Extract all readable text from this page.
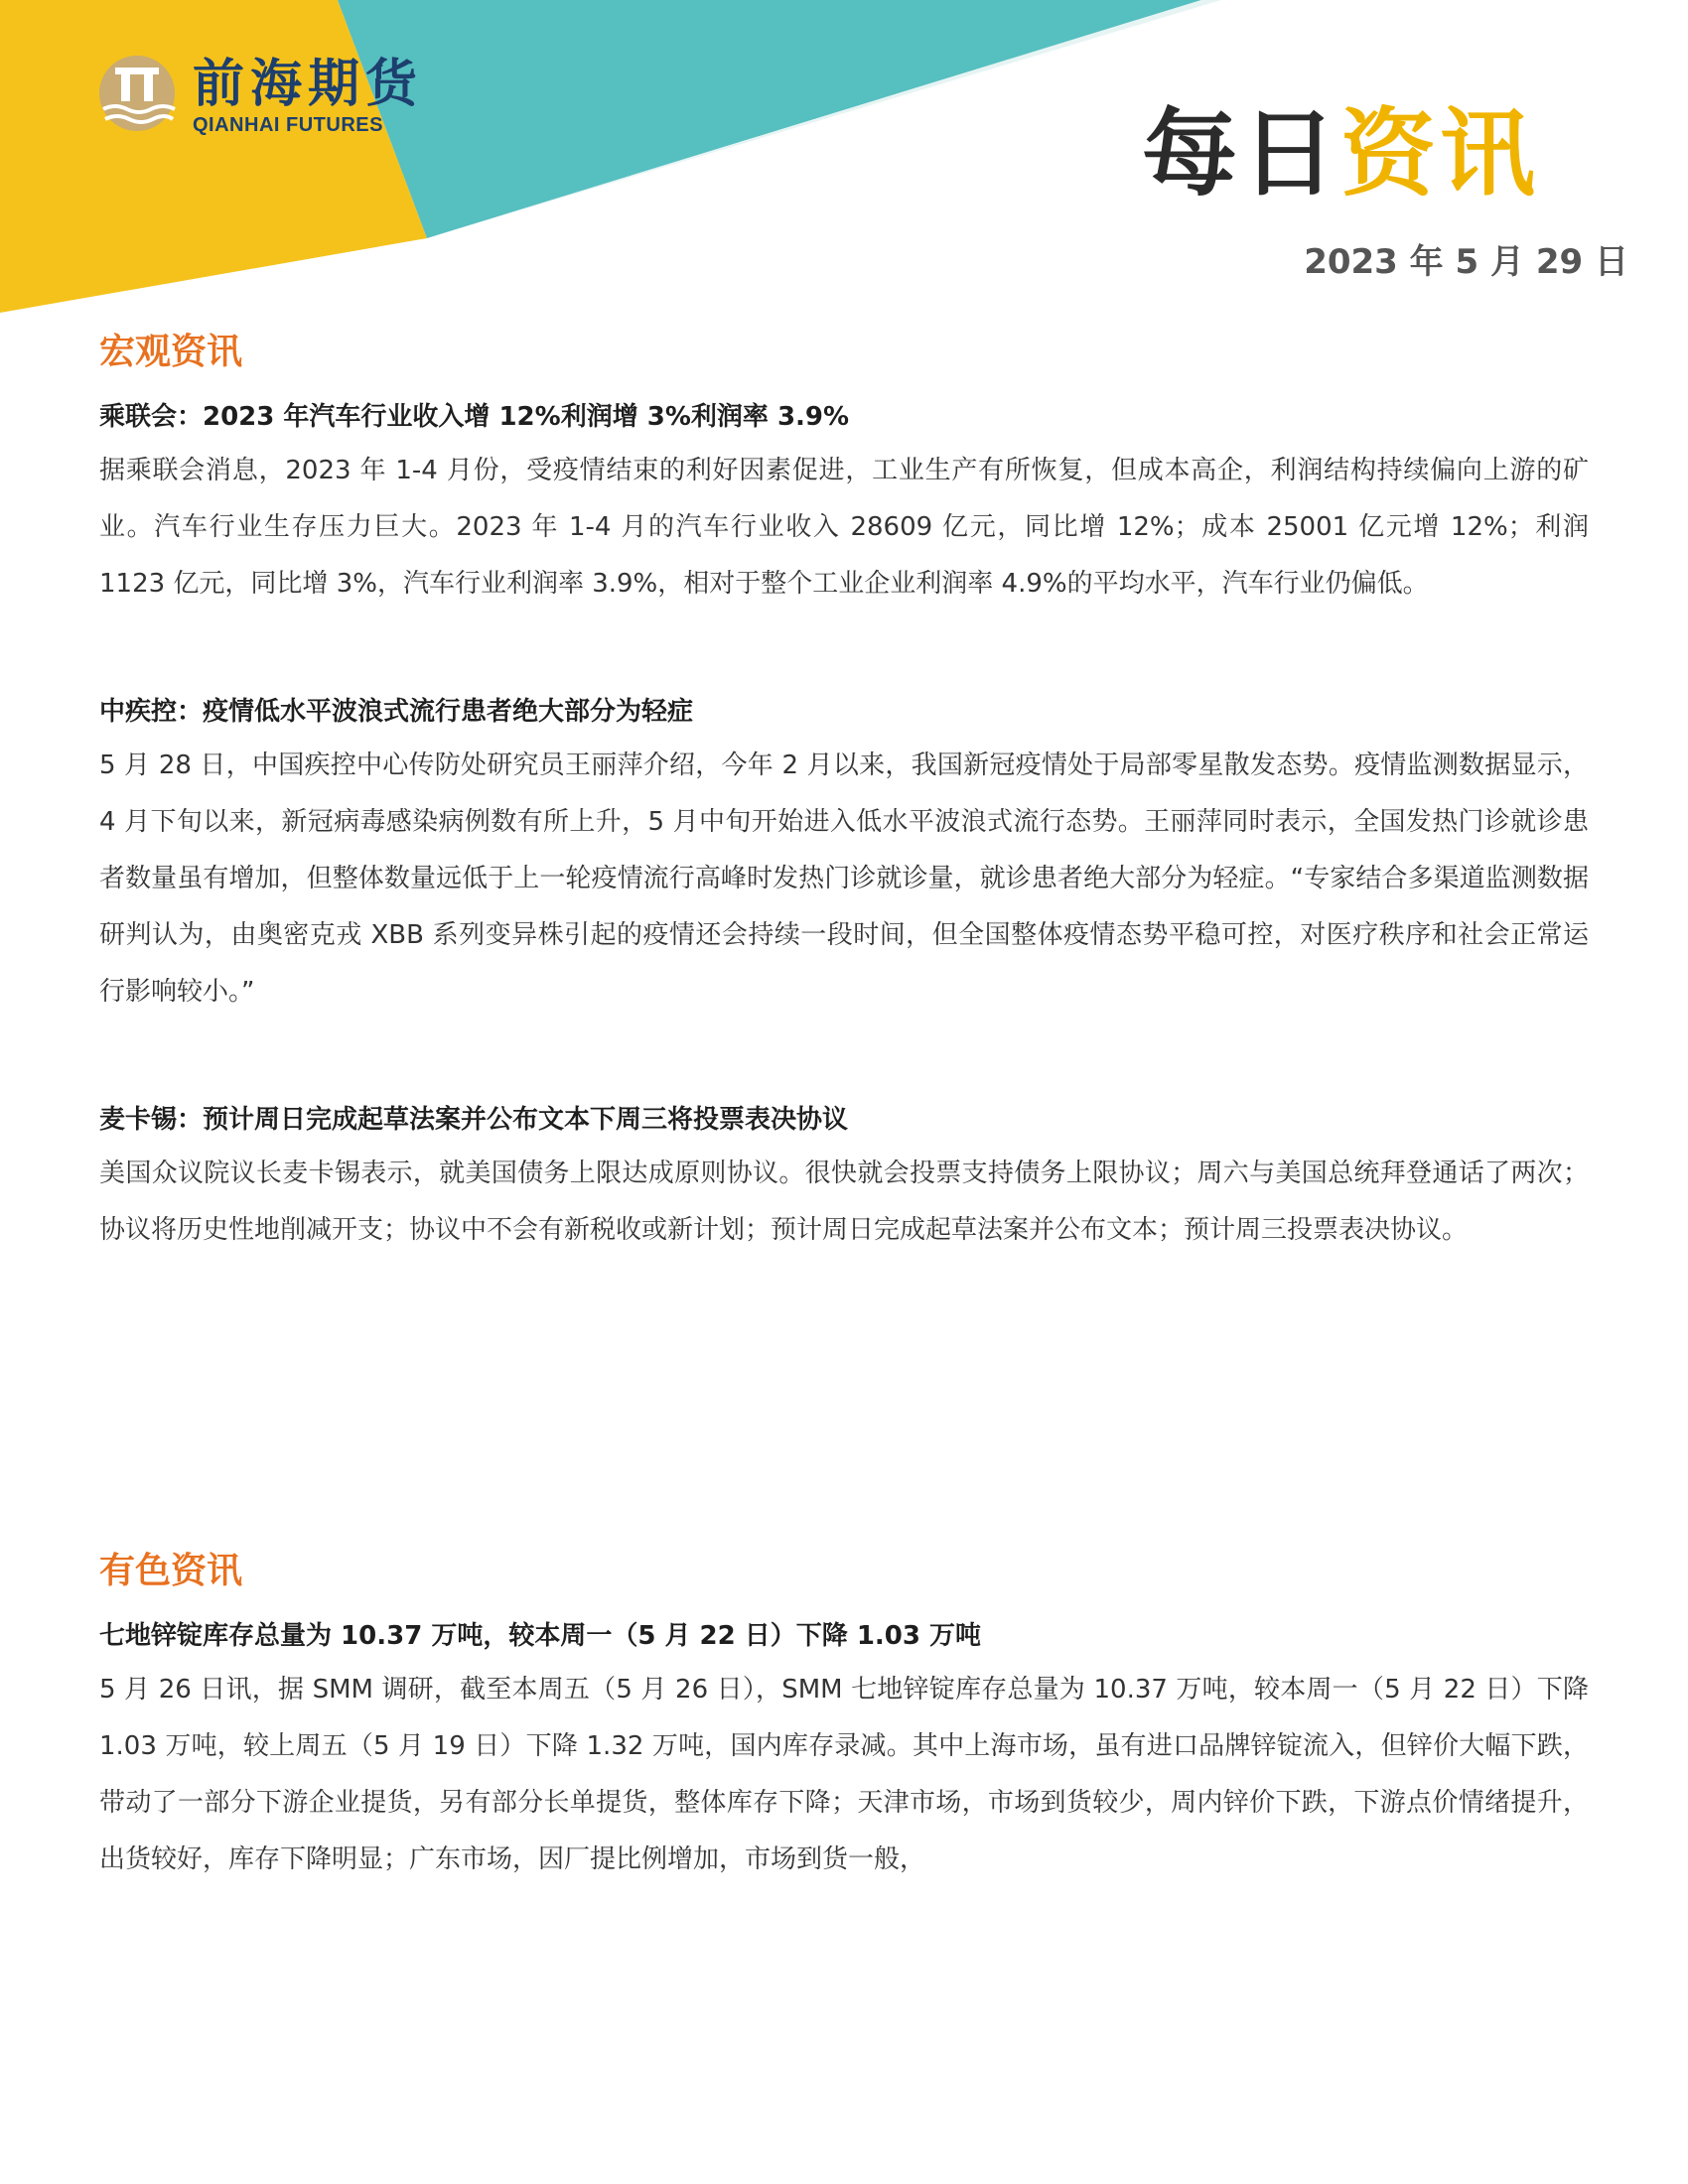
前海期货
QIANHAI FUTURES	每日资讯
2023 年 5 月 29 日
宏观资讯
乘联会：2023 年汽车行业收入增 12%利润增 3%利润率 3.9%
据乘联会消息，2023 年 1-4 月份，受疫情结束的利好因素促进，工业生产有所恢复，但成本高企，利润结构持续偏向上游的矿业。汽车行业生存压力巨大。2023 年 1-4 月的汽车行业收入 28609 亿元，同比增 12%；成本 25001 亿元增 12%；利润 1123 亿元，同比增 3%，汽车行业利润率 3.9%，相对于整个工业企业利润率 4.9%的平均水平，汽车行业仍偏低。
中疾控：疫情低水平波浪式流行患者绝大部分为轻症
5 月 28 日，中国疾控中心传防处研究员王丽萍介绍，今年 2 月以来，我国新冠疫情处于局部零星散发态势。疫情监测数据显示，4 月下旬以来，新冠病毒感染病例数有所上升，5 月中旬开始进入低水平波浪式流行态势。王丽萍同时表示，全国发热门诊就诊患者数量虽有增加，但整体数量远低于上一轮疫情流行高峰时发热门诊就诊量，就诊患者绝大部分为轻症。“专家结合多渠道监测数据研判认为，由奥密克戎 XBB 系列变异株引起的疫情还会持续一段时间，但全国整体疫情态势平稳可控，对医疗秩序和社会正常运行影响较小。”
麦卡锡：预计周日完成起草法案并公布文本下周三将投票表决协议
美国众议院议长麦卡锡表示，就美国债务上限达成原则协议。很快就会投票支持债务上限协议；周六与美国总统拜登通话了两次；协议将历史性地削减开支；协议中不会有新税收或新计划；预计周日完成起草法案并公布文本；预计周三投票表决协议。
有色资讯
七地锌锭库存总量为 10.37 万吨，较本周一（5 月 22 日）下降 1.03 万吨
5 月 26 日讯，据 SMM 调研，截至本周五（5 月 26 日），SMM 七地锌锭库存总量为 10.37 万吨，较本周一（5 月 22 日）下降 1.03 万吨，较上周五（5 月 19 日）下降 1.32 万吨，国内库存录减。其中上海市场，虽有进口品牌锌锭流入，但锌价大幅下跌，带动了一部分下游企业提货，另有部分长单提货，整体库存下降；天津市场，市场到货较少，周内锌价下跌，下游点价情绪提升，出货较好，库存下降明显；广东市场，因厂提比例增加，市场到货一般，
